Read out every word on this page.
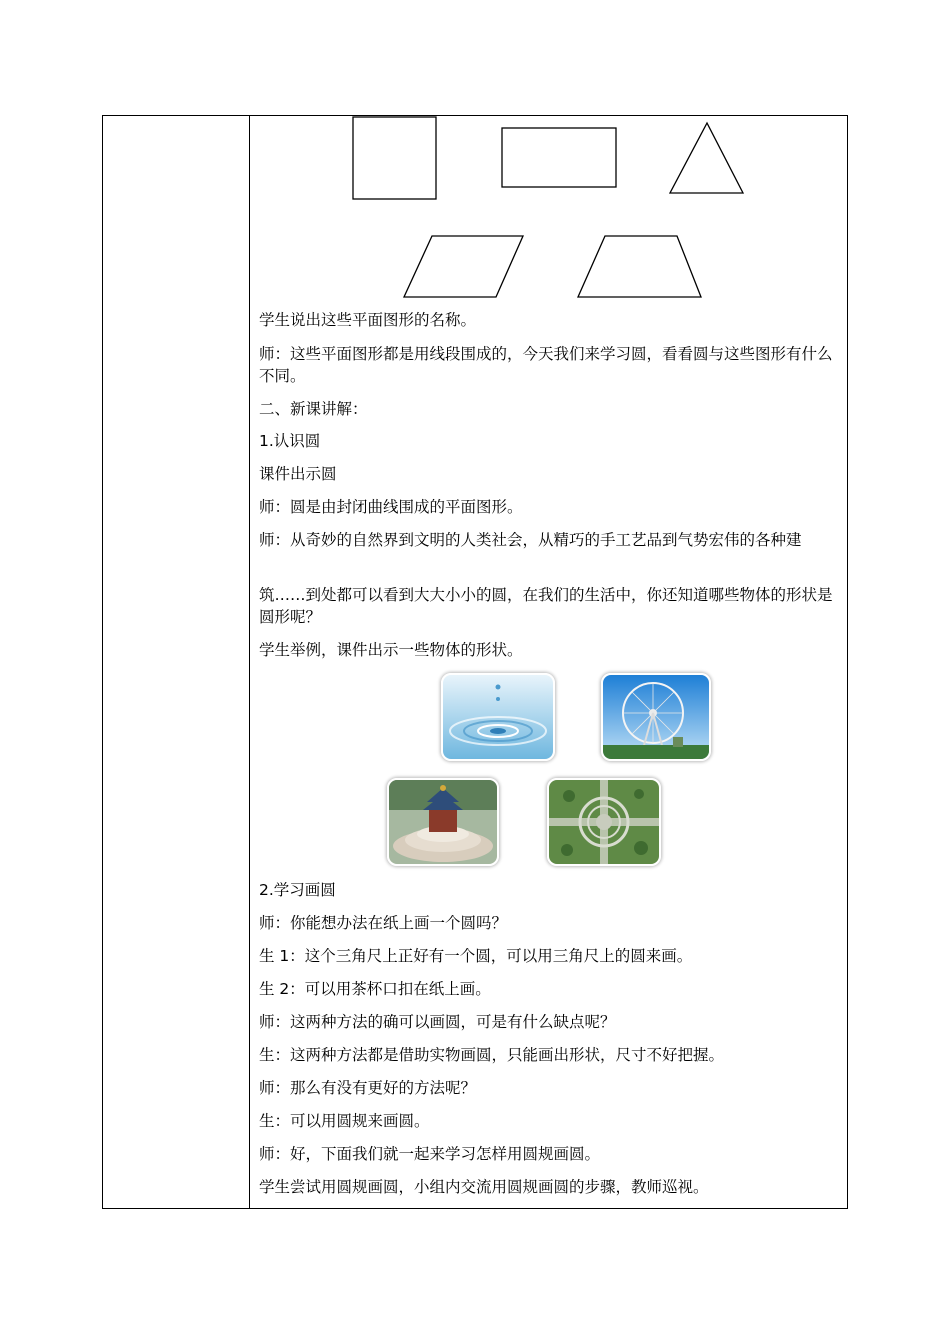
学生说出这些平面图形的名称。
师：这些平面图形都是用线段围成的，今天我们来学习圆，看看圆与这些图形有什么不同。
二、新课讲解：
1.认识圆
课件出示圆
师：圆是由封闭曲线围成的平面图形。
师：从奇妙的自然界到文明的人类社会，从精巧的手工艺品到气势宏伟的各种建
筑……到处都可以看到大大小小的圆，在我们的生活中，你还知道哪些物体的形状是圆形呢？
学生举例，课件出示一些物体的形状。
2.学习画圆
师：你能想办法在纸上画一个圆吗？
生 1：这个三角尺上正好有一个圆，可以用三角尺上的圆来画。
生 2：可以用茶杯口扣在纸上画。
师：这两种方法的确可以画圆，可是有什么缺点呢？
生：这两种方法都是借助实物画圆，只能画出形状，尺寸不好把握。
师：那么有没有更好的方法呢？
生：可以用圆规来画圆。
师：好，下面我们就一起来学习怎样用圆规画圆。
学生尝试用圆规画圆，小组内交流用圆规画圆的步骤，教师巡视。
